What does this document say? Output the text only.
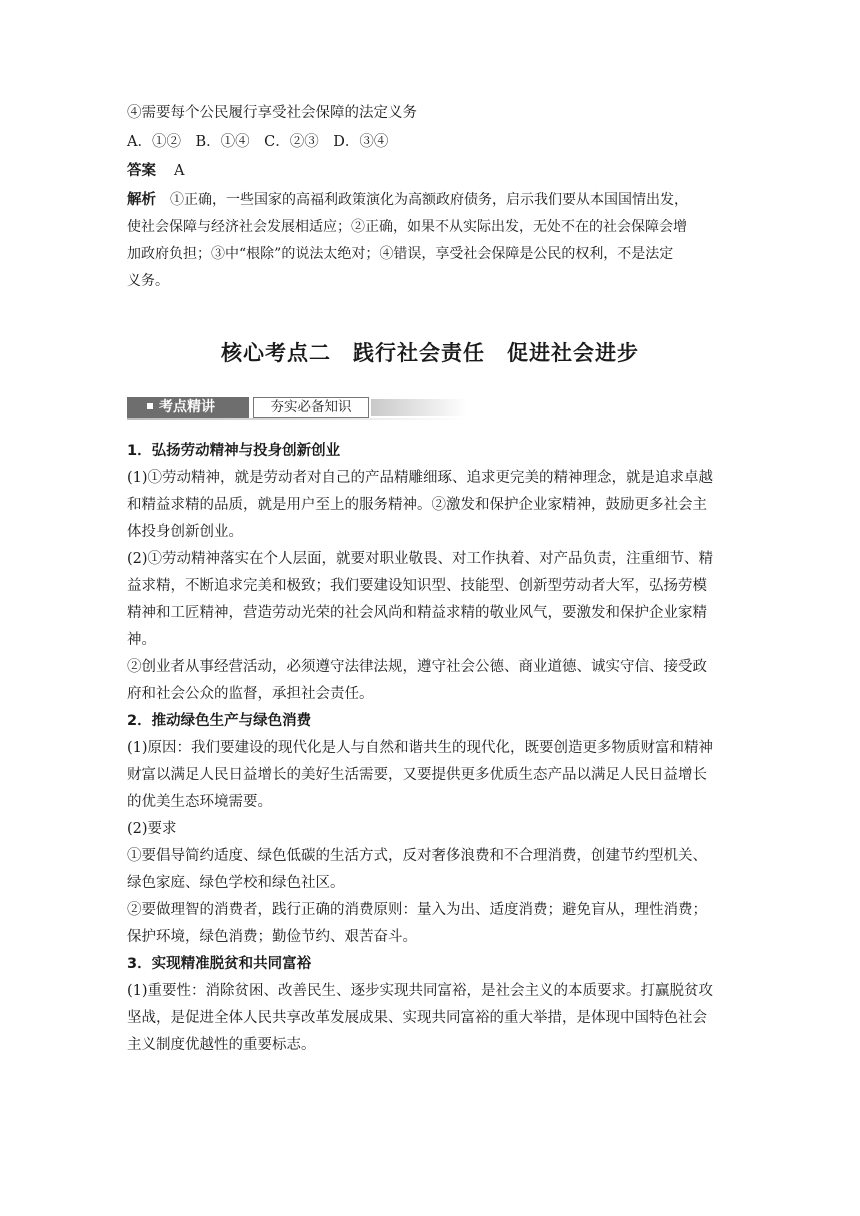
④需要每个公民履行享受社会保障的法定义务

A．①②　B．①④　C．②③　D．③④

答案 A

解析 ①正确，一些国家的高福利政策演化为高额政府债务，启示我们要从本国国情出发，

使社会保障与经济社会发展相适应；②正确，如果不从实际出发，无处不在的社会保障会增

加政府负担；③中“根除”的说法太绝对；④错误，享受社会保障是公民的权利，不是法定

义务。

核心考点二　践行社会责任　促进社会进步
考点精讲	夯实必备知识

1．弘扬劳动精神与投身创新创业

(1)①劳动精神，就是劳动者对自己的产品精雕细琢、追求更完美的精神理念，就是追求卓越

和精益求精的品质，就是用户至上的服务精神。②激发和保护企业家精神，鼓励更多社会主

体投身创新创业。

(2)①劳动精神落实在个人层面，就要对职业敬畏、对工作执着、对产品负责，注重细节、精

益求精，不断追求完美和极致；我们要建设知识型、技能型、创新型劳动者大军，弘扬劳模

精神和工匠精神，营造劳动光荣的社会风尚和精益求精的敬业风气，要激发和保护企业家精

神。

②创业者从事经营活动，必须遵守法律法规，遵守社会公德、商业道德、诚实守信、接受政

府和社会公众的监督，承担社会责任。

2．推动绿色生产与绿色消费

(1)原因：我们要建设的现代化是人与自然和谐共生的现代化，既要创造更多物质财富和精神

财富以满足人民日益增长的美好生活需要，又要提供更多优质生态产品以满足人民日益增长

的优美生态环境需要。

(2)要求

①要倡导简约适度、绿色低碳的生活方式，反对奢侈浪费和不合理消费，创建节约型机关、

绿色家庭、绿色学校和绿色社区。

②要做理智的消费者，践行正确的消费原则：量入为出、适度消费；避免盲从，理性消费；

保护环境，绿色消费；勤俭节约、艰苦奋斗。

3．实现精准脱贫和共同富裕

(1)重要性：消除贫困、改善民生、逐步实现共同富裕，是社会主义的本质要求。打赢脱贫攻

坚战，是促进全体人民共享改革发展成果、实现共同富裕的重大举措，是体现中国特色社会

主义制度优越性的重要标志。
